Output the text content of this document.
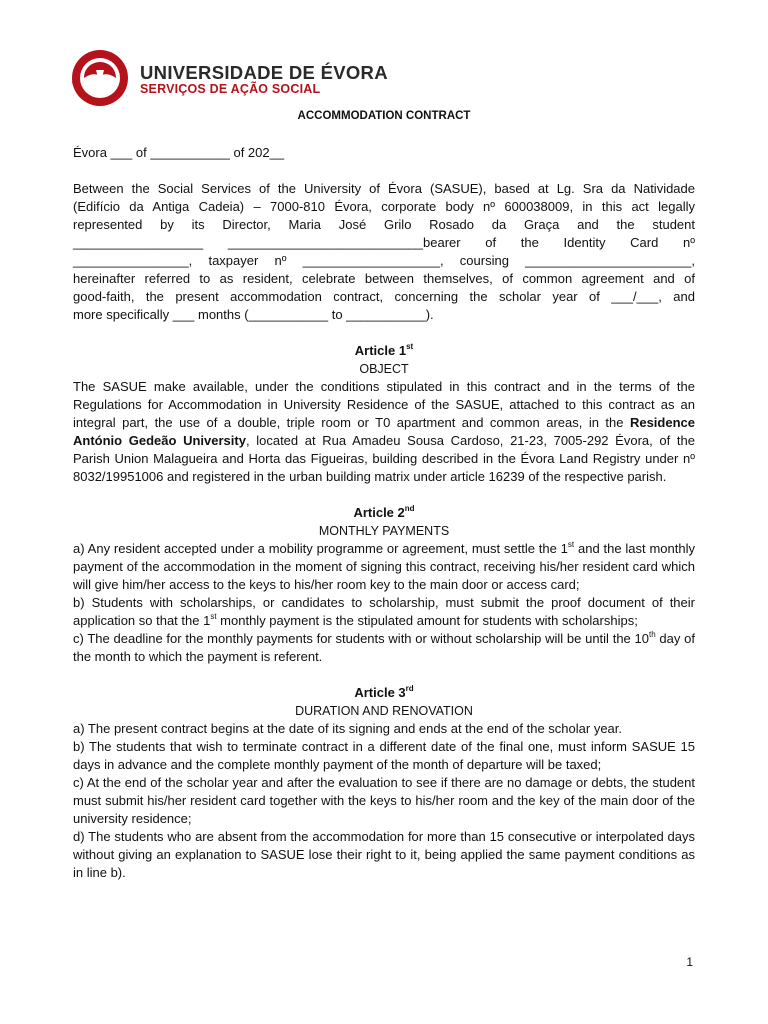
UNIVERSIDADE DE ÉVORA
SERVIÇOS DE AÇÃO SOCIAL
ACCOMMODATION CONTRACT

Évora ___ of ___________ of 202__

Between the Social Services of the University of Évora (SASUE), based at Lg. Sra da Natividade

(Edifício da Antiga Cadeia) – 7000-810 Évora, corporate body nº 600038009, in this act legally

represented by its Director, Maria José Grilo Rosado da Graça and the student

__________________ ___________________________bearer of the Identity Card nº

________________, taxpayer nº ___________________, coursing _______________________,

hereinafter referred to as resident, celebrate between themselves, of common agreement and of

good-faith, the present accommodation contract, concerning the scholar year of ___/___, and

more specifically ___ months (___________ to ___________).

Article 1st

OBJECT

The SASUE make available, under the conditions stipulated in this contract and in the terms of the Regulations for Accommodation in University Residence of the SASUE, attached to this contract as an integral part, the use of a double, triple room or T0 apartment and common areas, in the Residence António Gedeão University, located at Rua Amadeu Sousa Cardoso, 21-23, 7005-292 Évora, of the Parish Union Malagueira and Horta das Figueiras, building described in the Évora Land Registry under nº 8032/19951006 and registered in the urban building matrix under article 16239 of the respective parish.

Article 2nd

MONTHLY PAYMENTS

a) Any resident accepted under a mobility programme or agreement, must settle the 1st and the last monthly payment of the accommodation in the moment of signing this contract, receiving his/her resident card which will give him/her access to the keys to his/her room key to the main door or access card;

b) Students with scholarships, or candidates to scholarship, must submit the proof document of their application so that the 1st monthly payment is the stipulated amount for students with scholarships;

c) The deadline for the monthly payments for students with or without scholarship will be until the 10th day of the month to which the payment is referent.

Article 3rd

DURATION AND RENOVATION

a) The present contract begins at the date of its signing and ends at the end of the scholar year.

b) The students that wish to terminate contract in a different date of the final one, must inform SASUE 15 days in advance and the complete monthly payment of the month of departure will be taxed;

c) At the end of the scholar year and after the evaluation to see if there are no damage or debts, the student must submit his/her resident card together with the keys to his/her room and the key of the main door of the university residence;

d) The students who are absent from the accommodation for more than 15 consecutive or interpolated days without giving an explanation to SASUE lose their right to it, being applied the same payment conditions as in line b).

1
